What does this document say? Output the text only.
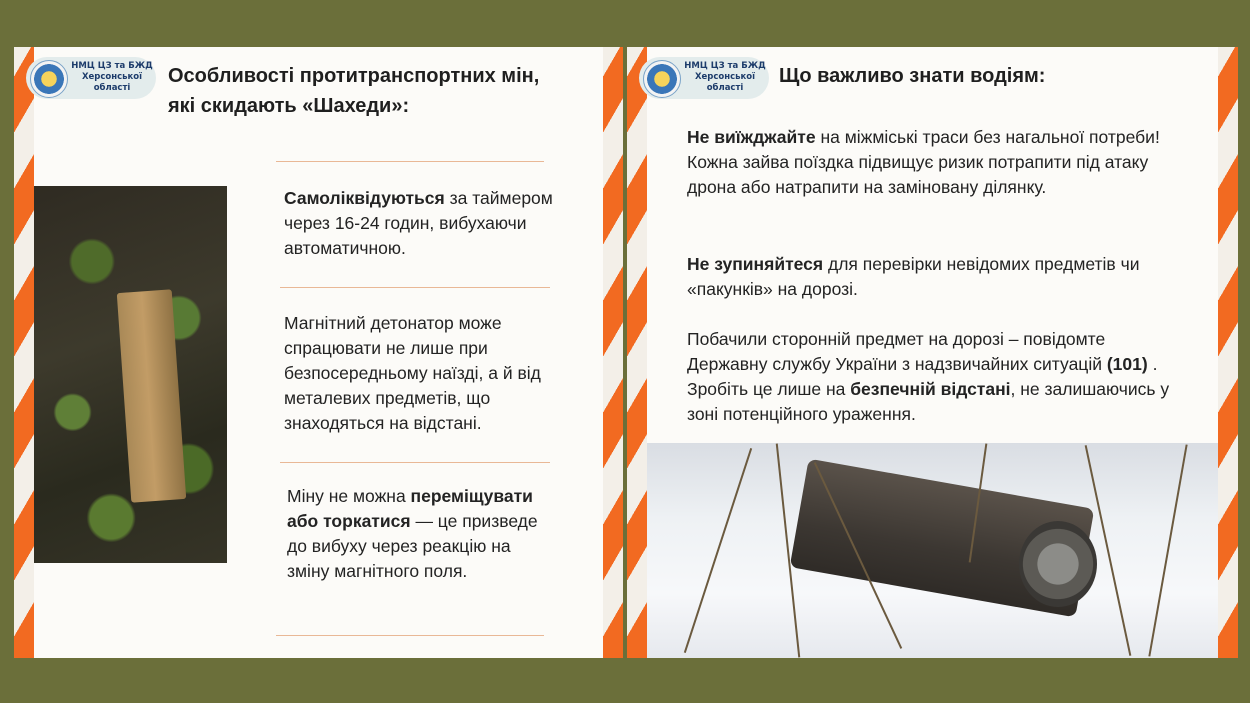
НМЦ ЦЗ та БЖД
Херсонської
області
Особливості протитранспортних мін, які скидають «Шахеди»:

Самоліквідуються за таймером через 16-24 годин, вибухаючи автоматичною.

Магнітний детонатор може спрацювати не лише при безпосередньому наїзді, а й від металевих предметів, що знаходяться на відстані.

Міну не можна переміщувати або торкатися — це призведе до вибуху через реакцію на зміну магнітного поля.

НМЦ ЦЗ та БЖД
Херсонської
області
Що важливо знати водіям:

Не виїжджайте на міжміські траси без нагальної потреби! Кожна зайва поїздка підвищує ризик потрапити під атаку дрона або натрапити на заміновану ділянку.

Не зупиняйтеся для перевірки невідомих предметів чи «пакунків» на дорозі.

Побачили сторонній предмет на дорозі – повідомте Державну службу України з надзвичайних ситуацій (101) . Зробіть це лише на безпечній відстані, не залишаючись у зоні потенційного ураження.
